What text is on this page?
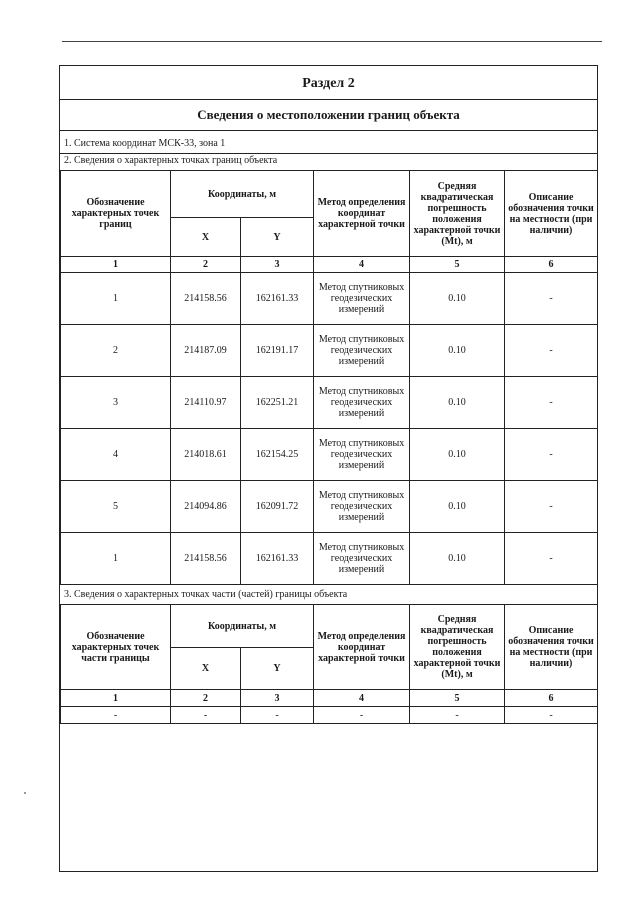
Раздел 2
Сведения о местоположении границ объекта
1. Система координат МСК-33, зона 1
2. Сведения о характерных точках границ объекта
Обозначение характерных точек границ	Координаты, м		Метод определения координат характерной точки	Средняя квадратическая погрешность положения характерной точки (Mt), м	Описание обозначения точки на местности (при наличии)
	X	Y			
1	2	3	4	5	6
1	214158.56	162161.33	Метод спутниковых геодезических измерений	0.10	-
2	214187.09	162191.17	Метод спутниковых геодезических измерений	0.10	-
3	214110.97	162251.21	Метод спутниковых геодезических измерений	0.10	-
4	214018.61	162154.25	Метод спутниковых геодезических измерений	0.10	-
5	214094.86	162091.72	Метод спутниковых геодезических измерений	0.10	-
1	214158.56	162161.33	Метод спутниковых геодезических измерений	0.10	-
3. Сведения о характерных точках части (частей) границы объекта
Обозначение характерных точек части границы	Координаты, м		Метод определения координат характерной точки	Средняя квадратическая погрешность положения характерной точки (Mt), м	Описание обозначения точки на местности (при наличии)
	X	Y			
1	2	3	4	5	6
-	-	-	-	-	-
